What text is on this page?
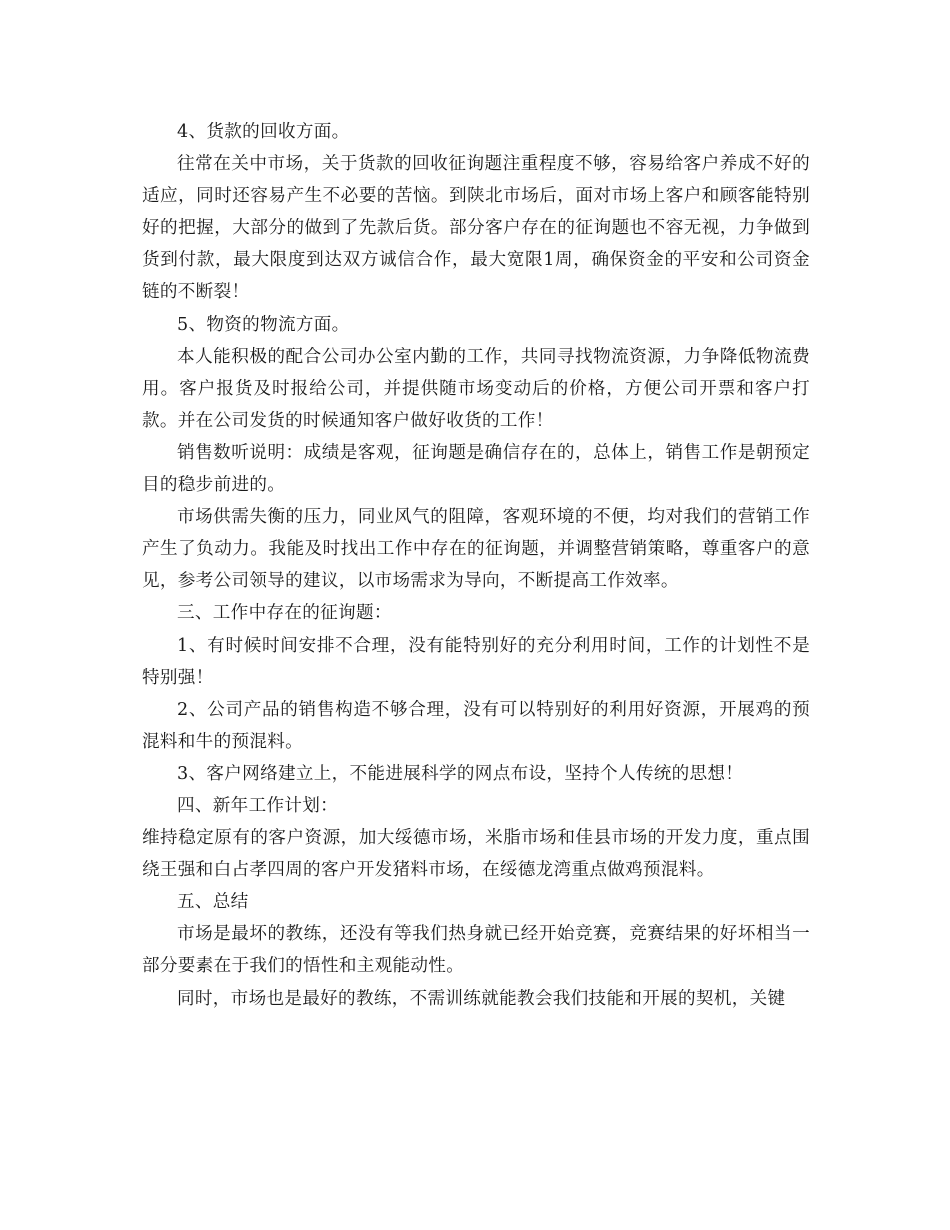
4、货款的回收方面。

往常在关中市场，关于货款的回收征询题注重程度不够，容易给客户养成不好的适应，同时还容易产生不必要的苦恼。到陕北市场后，面对市场上客户和顾客能特别好的把握，大部分的做到了先款后货。部分客户存在的征询题也不容无视，力争做到货到付款，最大限度到达双方诚信合作，最大宽限1周，确保资金的平安和公司资金链的不断裂！

5、物资的物流方面。

本人能积极的配合公司办公室内勤的工作，共同寻找物流资源，力争降低物流费用。客户报货及时报给公司，并提供随市场变动后的价格，方便公司开票和客户打款。并在公司发货的时候通知客户做好收货的工作！

销售数听说明：成绩是客观，征询题是确信存在的，总体上，销售工作是朝预定目的稳步前进的。

市场供需失衡的压力，同业风气的阻障，客观环境的不便，均对我们的营销工作产生了负动力。我能及时找出工作中存在的征询题，并调整营销策略，尊重客户的意见，参考公司领导的建议，以市场需求为导向，不断提高工作效率。

三、工作中存在的征询题：

1、有时候时间安排不合理，没有能特别好的充分利用时间，工作的计划性不是特别强！

2、公司产品的销售构造不够合理，没有可以特别好的利用好资源，开展鸡的预混料和牛的预混料。

3、客户网络建立上，不能进展科学的网点布设，坚持个人传统的思想！

四、新年工作计划：

维持稳定原有的客户资源，加大绥德市场，米脂市场和佳县市场的开发力度，重点围绕王强和白占孝四周的客户开发猪料市场，在绥德龙湾重点做鸡预混料。

五、总结

市场是最坏的教练，还没有等我们热身就已经开始竞赛，竞赛结果的好坏相当一部分要素在于我们的悟性和主观能动性。

同时，市场也是最好的教练，不需训练就能教会我们技能和开展的契机，关键
